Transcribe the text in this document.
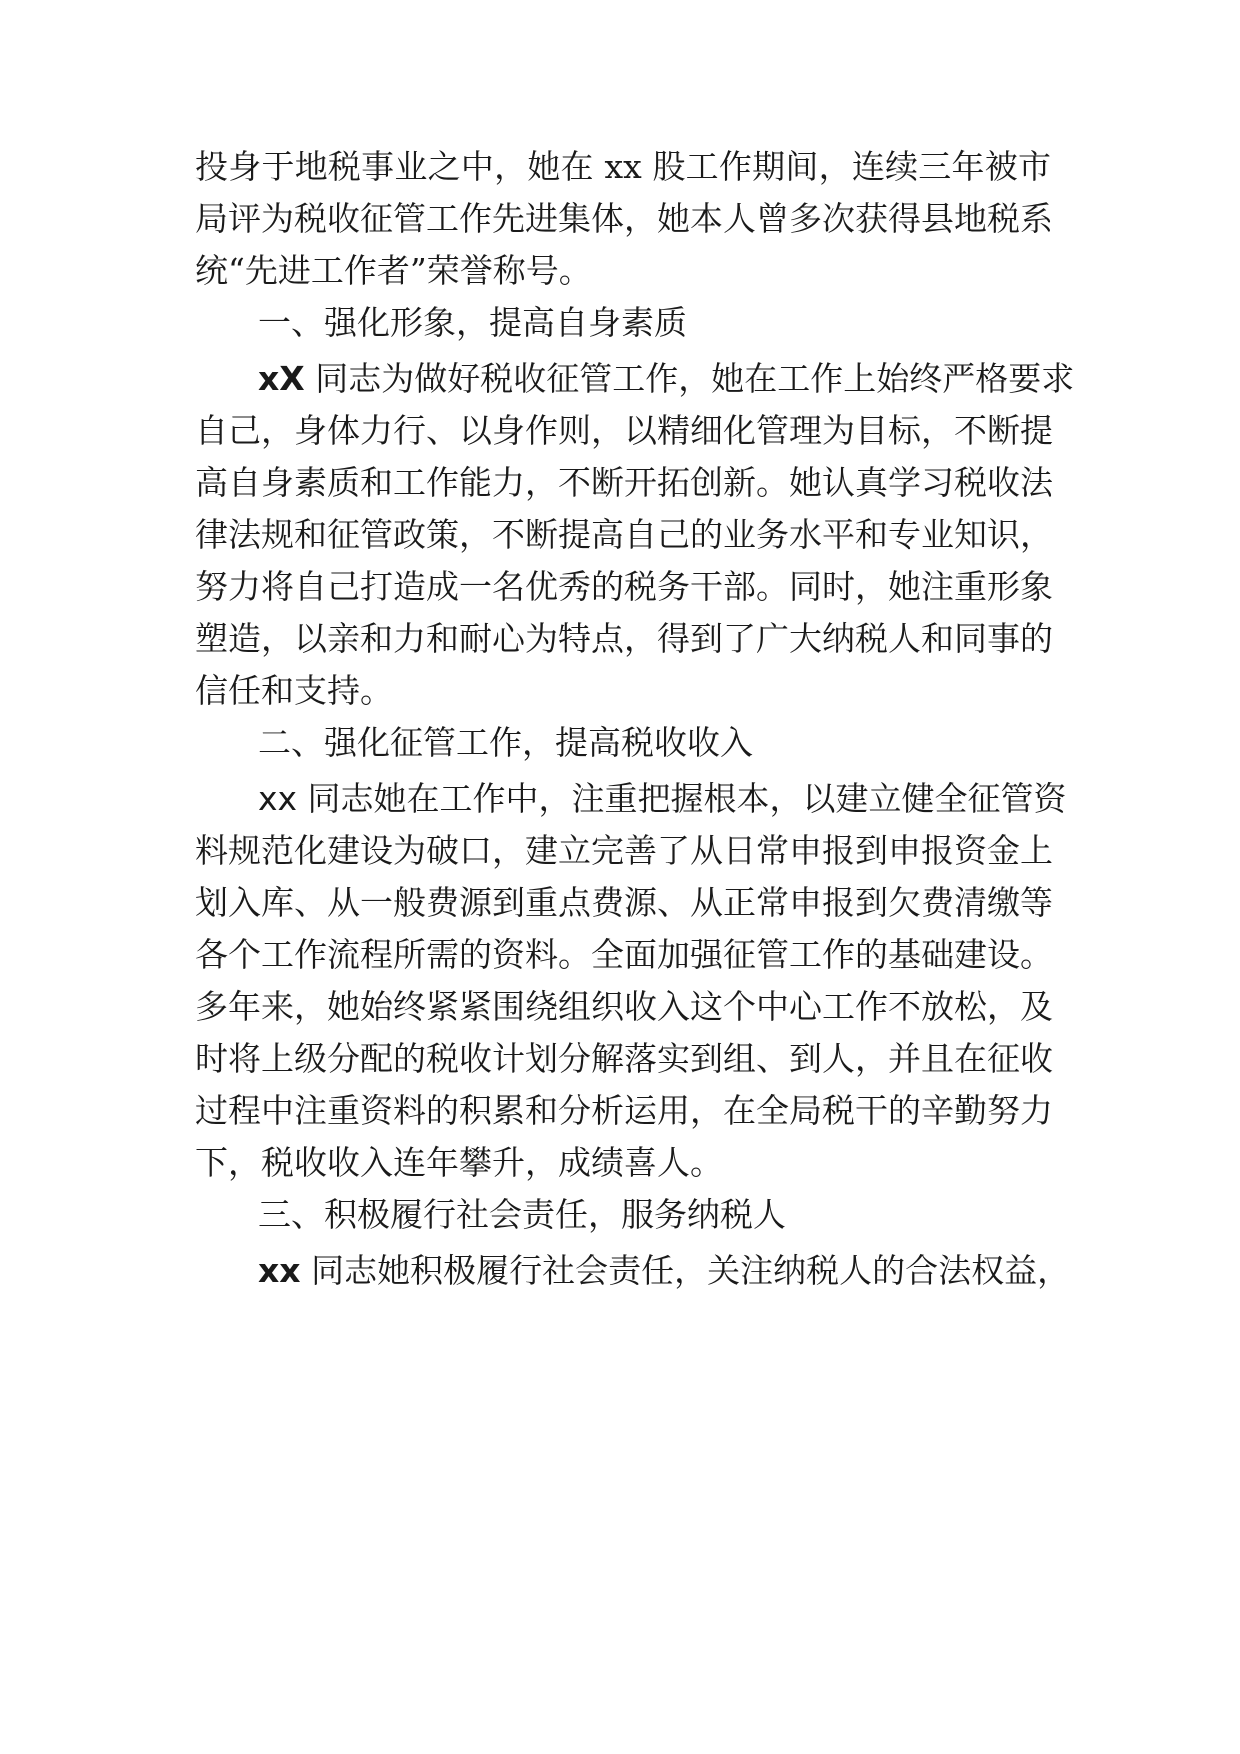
投身于地税事业之中，她在 xx 股工作期间，连续三年被市
局评为税收征管工作先进集体，她本人曾多次获得县地税系
统“先进工作者”荣誉称号。
一、强化形象，提高自身素质
xX 同志为做好税收征管工作，她在工作上始终严格要求
自己，身体力行、以身作则，以精细化管理为目标，不断提
高自身素质和工作能力，不断开拓创新。她认真学习税收法
律法规和征管政策，不断提高自己的业务水平和专业知识，
努力将自己打造成一名优秀的税务干部。同时，她注重形象
塑造，以亲和力和耐心为特点，得到了广大纳税人和同事的
信任和支持。
二、强化征管工作，提高税收收入
xx 同志她在工作中，注重把握根本，以建立健全征管资
料规范化建设为破口，建立完善了从日常申报到申报资金上
划入库、从一般费源到重点费源、从正常申报到欠费清缴等
各个工作流程所需的资料。全面加强征管工作的基础建设。
多年来，她始终紧紧围绕组织收入这个中心工作不放松，及
时将上级分配的税收计划分解落实到组、到人，并且在征收
过程中注重资料的积累和分析运用，在全局税干的辛勤努力
下，税收收入连年攀升，成绩喜人。
三、积极履行社会责任，服务纳税人
xx 同志她积极履行社会责任，关注纳税人的合法权益，
